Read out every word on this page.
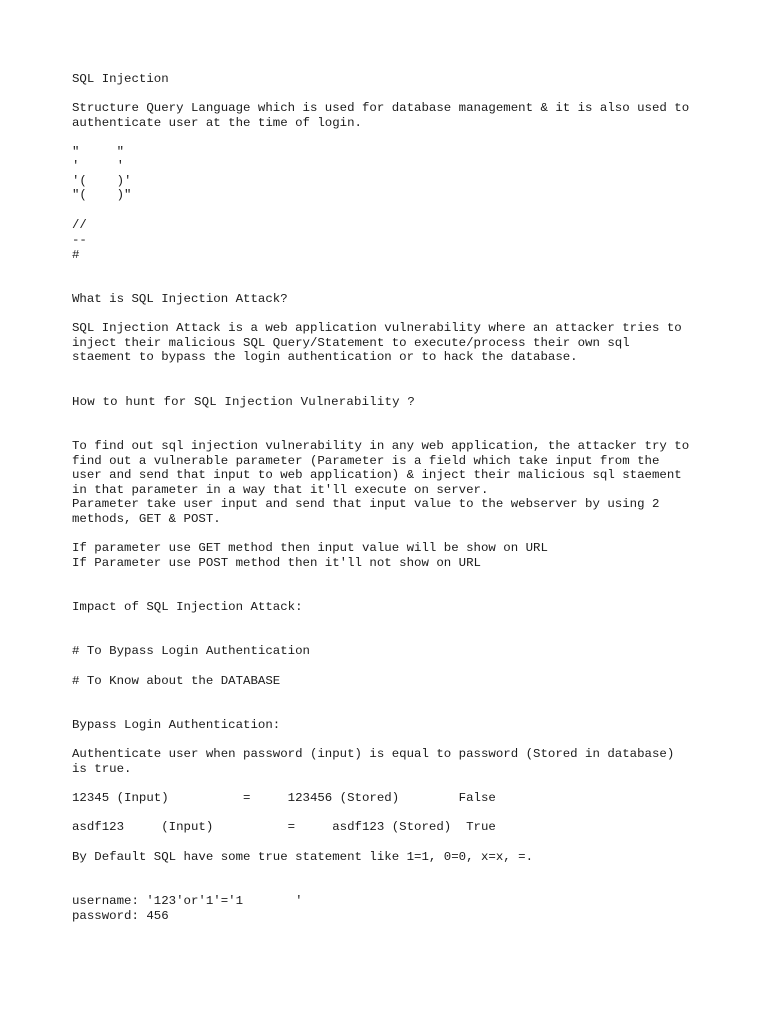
SQL Injection
Structure Query Language which is used for database management & it is also used to
authenticate user at the time of login.
"     "
'     '
'(    )'
"(    )"
//
--
#
What is SQL Injection Attack?
SQL Injection Attack is a web application vulnerability where an attacker tries to
inject their malicious SQL Query/Statement to execute/process their own sql
staement to bypass the login authentication or to hack the database.
How to hunt for SQL Injection Vulnerability ?
To find out sql injection vulnerability in any web application, the attacker try to
find out a vulnerable parameter (Parameter is a field which take input from the
user and send that input to web application) & inject their malicious sql staement
in that parameter in a way that it'll execute on server.
Parameter take user input and send that input value to the webserver by using 2
methods, GET & POST.
If parameter use GET method then input value will be show on URL
If Parameter use POST method then it'll not show on URL
Impact of SQL Injection Attack:
# To Bypass Login Authentication
# To Know about the DATABASE
Bypass Login Authentication:
Authenticate user when password (input) is equal to password (Stored in database)
is true.
12345 (Input)          =     123456 (Stored)        False
asdf123     (Input)          =     asdf123 (Stored)  True
By Default SQL have some true statement like 1=1, 0=0, x=x, =.
username: '123'or'1'='1       '
password: 456
